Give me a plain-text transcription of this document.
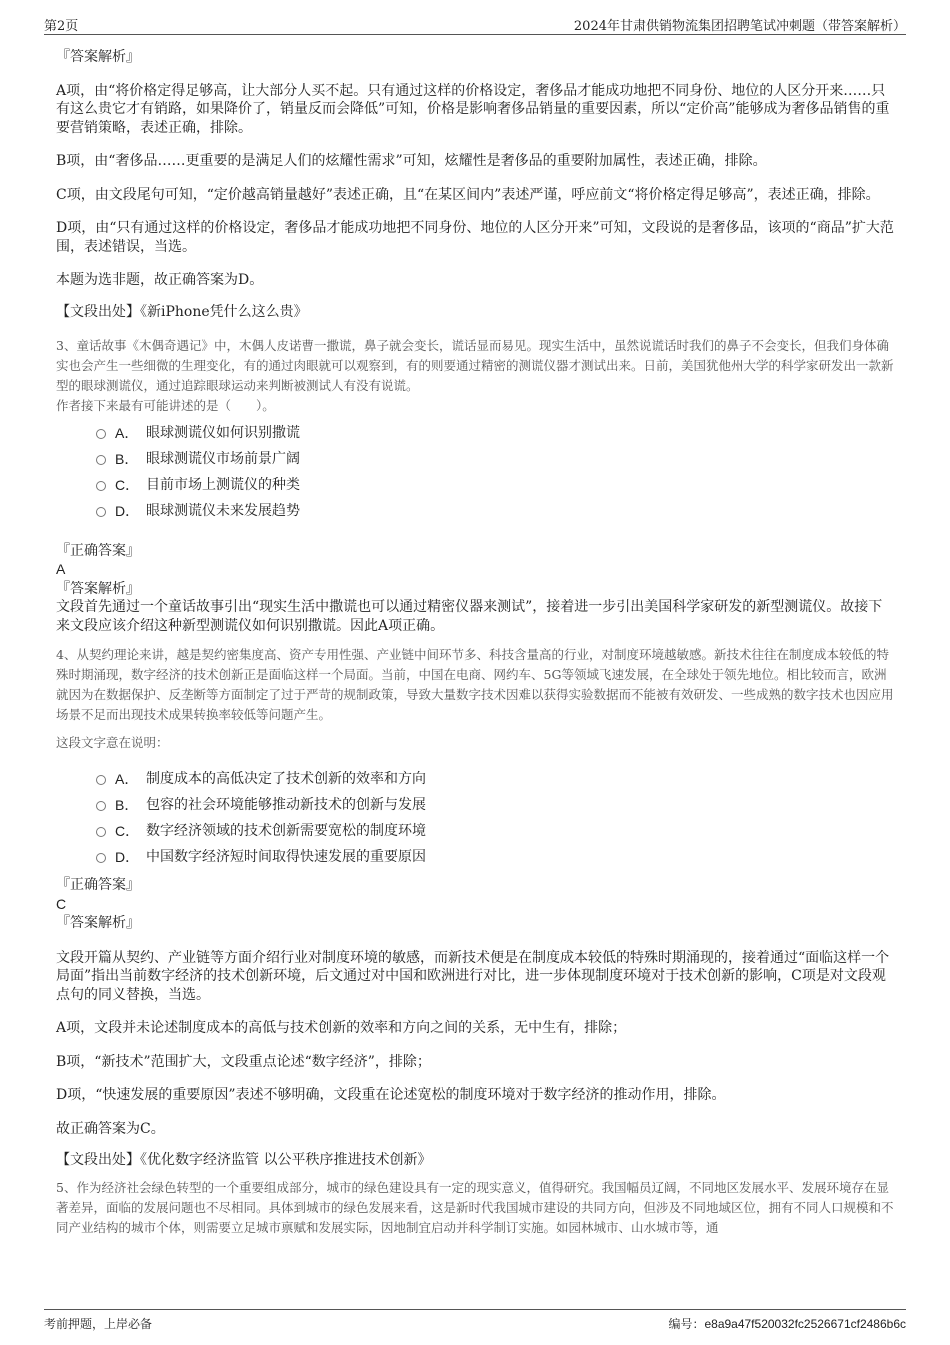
第2页	2024年甘肃供销物流集团招聘笔试冲刺题（带答案解析）

『答案解析』

A项，由“将价格定得足够高，让大部分人买不起。只有通过这样的价格设定，奢侈品才能成功地把不同身份、地位的人区分开来……只有这么贵它才有销路，如果降价了，销量反而会降低”可知，价格是影响奢侈品销量的重要因素，所以“定价高”能够成为奢侈品销售的重要营销策略，表述正确，排除。

B项，由“奢侈品……更重要的是满足人们的炫耀性需求”可知，炫耀性是奢侈品的重要附加属性，表述正确，排除。

C项，由文段尾句可知，“定价越高销量越好”表述正确，且“在某区间内”表述严谨，呼应前文“将价格定得足够高”，表述正确，排除。

D项，由“只有通过这样的价格设定，奢侈品才能成功地把不同身份、地位的人区分开来”可知，文段说的是奢侈品，该项的“商品”扩大范围，表述错误，当选。

本题为选非题，故正确答案为D。

【文段出处】《新iPhone凭什么这么贵》

3、童话故事《木偶奇遇记》中，木偶人皮诺曹一撒谎，鼻子就会变长，谎话显而易见。现实生活中，虽然说谎话时我们的鼻子不会变长，但我们身体确实也会产生一些细微的生理变化，有的通过肉眼就可以观察到，有的则要通过精密的测谎仪器才测试出来。日前，美国犹他州大学的科学家研发出一款新型的眼球测谎仪，通过追踪眼球运动来判断被测试人有没有说谎。

作者接下来最有可能讲述的是（　　）。

A． 眼球测谎仪如何识别撒谎
B． 眼球测谎仪市场前景广阔
C． 目前市场上测谎仪的种类
D． 眼球测谎仪未来发展趋势

『正确答案』

A

『答案解析』

文段首先通过一个童话故事引出“现实生活中撒谎也可以通过精密仪器来测试”，接着进一步引出美国科学家研发的新型测谎仪。故接下来文段应该介绍这种新型测谎仪如何识别撒谎。因此A项正确。

4、从契约理论来讲，越是契约密集度高、资产专用性强、产业链中间环节多、科技含量高的行业，对制度环境越敏感。新技术往往在制度成本较低的特殊时期涌现，数字经济的技术创新正是面临这样一个局面。当前，中国在电商、网约车、5G等领域飞速发展，在全球处于领先地位。相比较而言，欧洲就因为在数据保护、反垄断等方面制定了过于严苛的规制政策，导致大量数字技术因难以获得实验数据而不能被有效研发、一些成熟的数字技术也因应用场景不足而出现技术成果转换率较低等问题产生。

这段文字意在说明：

A． 制度成本的高低决定了技术创新的效率和方向
B． 包容的社会环境能够推动新技术的创新与发展
C． 数字经济领域的技术创新需要宽松的制度环境
D． 中国数字经济短时间取得快速发展的重要原因

『正确答案』

C

『答案解析』

文段开篇从契约、产业链等方面介绍行业对制度环境的敏感，而新技术便是在制度成本较低的特殊时期涌现的，接着通过“面临这样一个局面”指出当前数字经济的技术创新环境，后文通过对中国和欧洲进行对比，进一步体现制度环境对于技术创新的影响，C项是对文段观点句的同义替换，当选。

A项，文段并未论述制度成本的高低与技术创新的效率和方向之间的关系，无中生有，排除；

B项，“新技术”范围扩大，文段重点论述“数字经济”，排除；

D项，“快速发展的重要原因”表述不够明确，文段重在论述宽松的制度环境对于数字经济的推动作用，排除。

故正确答案为C。

【文段出处】《优化数字经济监管 以公平秩序推进技术创新》

5、作为经济社会绿色转型的一个重要组成部分，城市的绿色建设具有一定的现实意义，值得研究。我国幅员辽阔，不同地区发展水平、发展环境存在显著差异，面临的发展问题也不尽相同。具体到城市的绿色发展来看，这是新时代我国城市建设的共同方向，但涉及不同地域区位，拥有不同人口规模和不同产业结构的城市个体，则需要立足城市禀赋和发展实际，因地制宜启动并科学制订实施。如园林城市、山水城市等，通

考前押题，上岸必备	编号：e8a9a47f520032fc2526671cf2486b6c
